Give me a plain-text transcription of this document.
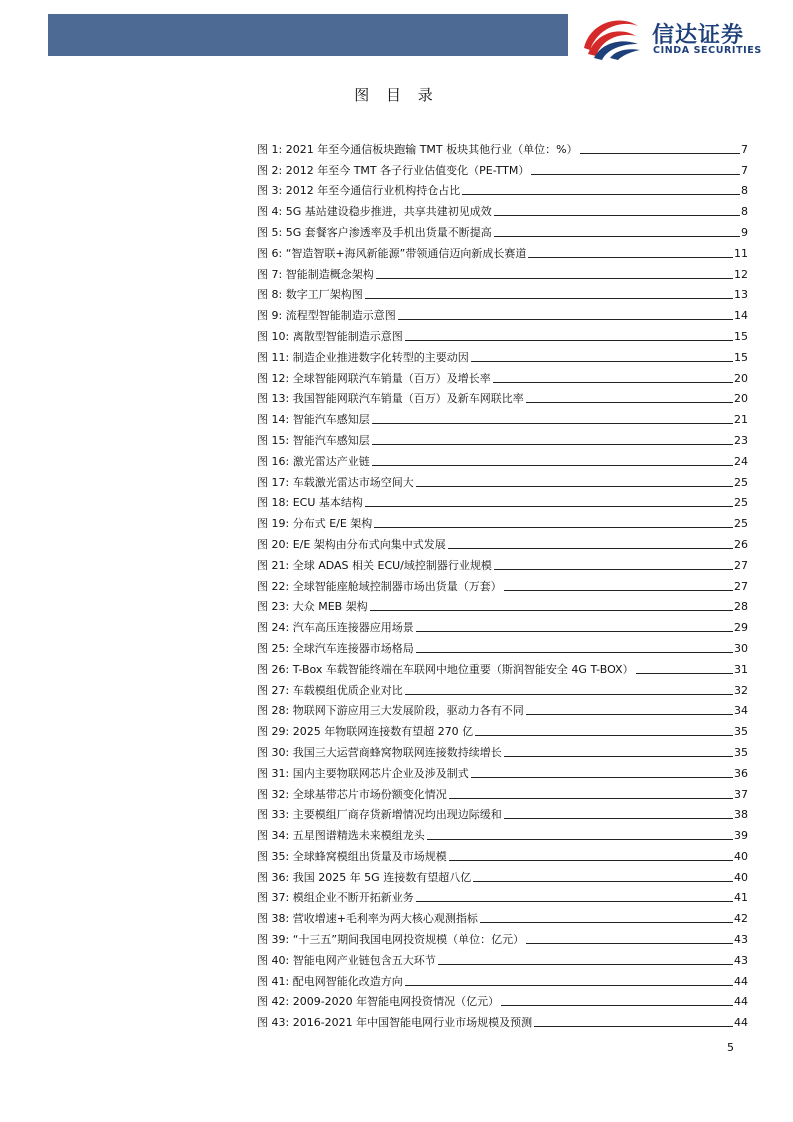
信达证券
CINDA SECURITIES
图 目 录
图 1: 2021 年至今通信板块跑输 TMT 板块其他行业（单位：%）	7
图 2: 2012 年至今 TMT 各子行业估值变化（PE-TTM）	7
图 3: 2012 年至今通信行业机构持仓占比	8
图 4: 5G 基站建设稳步推进，共享共建初见成效	8
图 5: 5G 套餐客户渗透率及手机出货量不断提高	9
图 6: “智造智联+海风新能源”带领通信迈向新成长赛道	11
图 7: 智能制造概念架构	12
图 8: 数字工厂架构图	13
图 9: 流程型智能制造示意图	14
图 10: 离散型智能制造示意图	15
图 11: 制造企业推进数字化转型的主要动因	15
图 12: 全球智能网联汽车销量（百万）及增长率	20
图 13: 我国智能网联汽车销量（百万）及新车网联比率	20
图 14: 智能汽车感知层	21
图 15: 智能汽车感知层	23
图 16: 激光雷达产业链	24
图 17: 车载激光雷达市场空间大	25
图 18: ECU 基本结构	25
图 19: 分布式 E/E 架构	25
图 20: E/E 架构由分布式向集中式发展	26
图 21: 全球 ADAS 相关 ECU/域控制器行业规模	27
图 22: 全球智能座舱域控制器市场出货量（万套）	27
图 23: 大众 MEB 架构	28
图 24: 汽车高压连接器应用场景	29
图 25: 全球汽车连接器市场格局	30
图 26: T-Box 车载智能终端在车联网中地位重要（斯润智能安全 4G T-BOX）	31
图 27: 车载模组优质企业对比	32
图 28: 物联网下游应用三大发展阶段，驱动力各有不同	34
图 29: 2025 年物联网连接数有望超 270 亿	35
图 30: 我国三大运营商蜂窝物联网连接数持续增长	35
图 31: 国内主要物联网芯片企业及涉及制式	36
图 32: 全球基带芯片市场份额变化情况	37
图 33: 主要模组厂商存货新增情况均出现边际缓和	38
图 34: 五星图谱精选未来模组龙头	39
图 35: 全球蜂窝模组出货量及市场规模	40
图 36: 我国 2025 年 5G 连接数有望超八亿	40
图 37: 模组企业不断开拓新业务	41
图 38: 营收增速+毛利率为两大核心观测指标	42
图 39: “十三五”期间我国电网投资规模（单位：亿元）	43
图 40: 智能电网产业链包含五大环节	43
图 41: 配电网智能化改造方向	44
图 42: 2009-2020 年智能电网投资情况（亿元）	44
图 43: 2016-2021 年中国智能电网行业市场规模及预测	44
5
